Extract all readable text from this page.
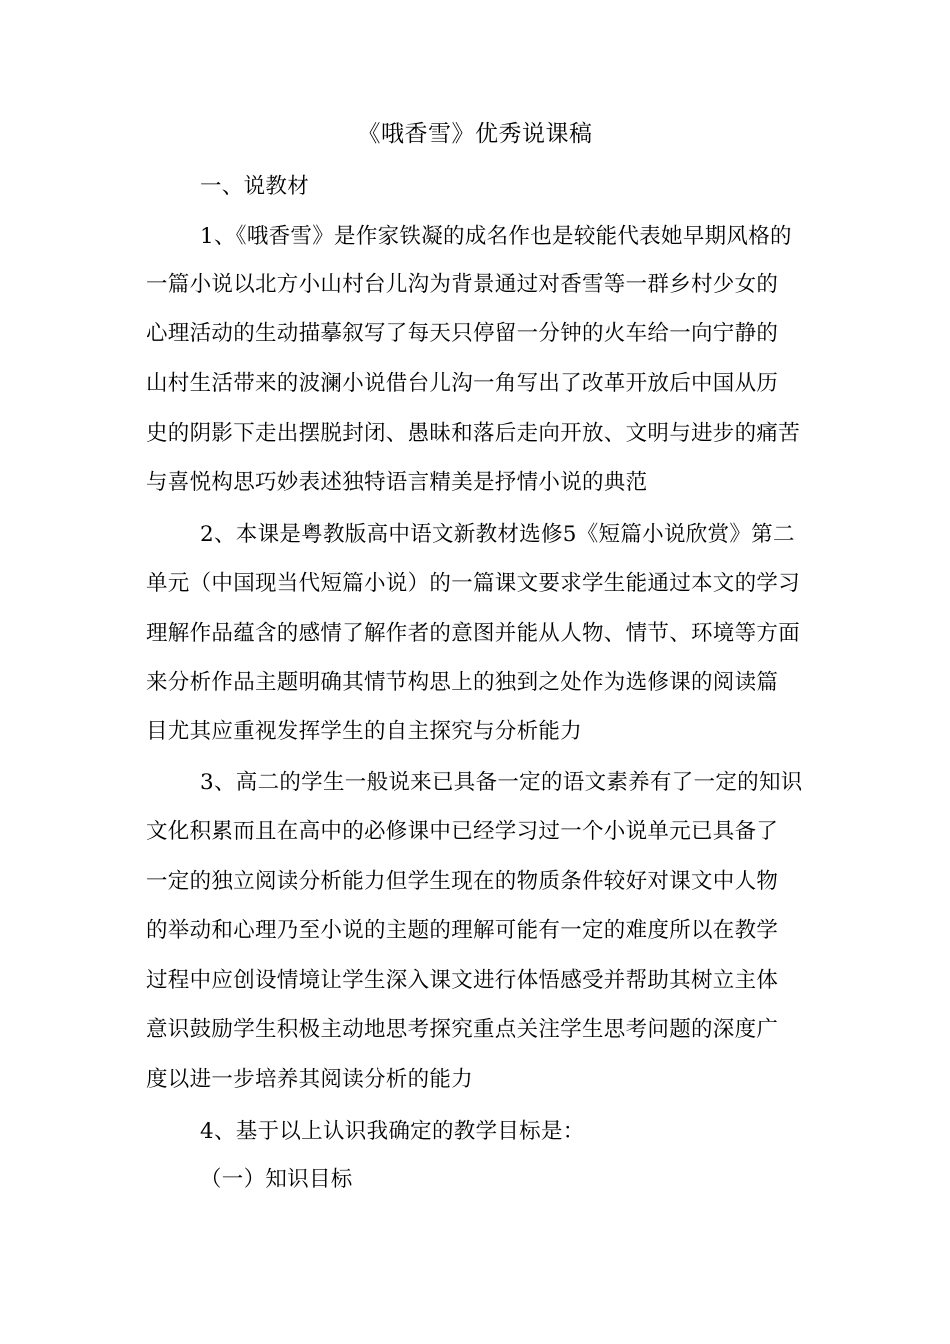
《哦香雪》优秀说课稿

一、说教材

1、《哦香雪》是作家铁凝的成名作也是较能代表她早期风格的

一篇小说以北方小山村台儿沟为背景通过对香雪等一群乡村少女的

心理活动的生动描摹叙写了每天只停留一分钟的火车给一向宁静的

山村生活带来的波澜小说借台儿沟一角写出了改革开放后中国从历

史的阴影下走出摆脱封闭、愚昧和落后走向开放、文明与进步的痛苦

与喜悦构思巧妙表述独特语言精美是抒情小说的典范

2、本课是粤教版高中语文新教材选修5《短篇小说欣赏》第二

单元（中国现当代短篇小说）的一篇课文要求学生能通过本文的学习

理解作品蕴含的感情了解作者的意图并能从人物、情节、环境等方面

来分析作品主题明确其情节构思上的独到之处作为选修课的阅读篇

目尤其应重视发挥学生的自主探究与分析能力

3、高二的学生一般说来已具备一定的语文素养有了一定的知识

文化积累而且在高中的必修课中已经学习过一个小说单元已具备了

一定的独立阅读分析能力但学生现在的物质条件较好对课文中人物

的举动和心理乃至小说的主题的理解可能有一定的难度所以在教学

过程中应创设情境让学生深入课文进行体悟感受并帮助其树立主体

意识鼓励学生积极主动地思考探究重点关注学生思考问题的深度广

度以进一步培养其阅读分析的能力

4、基于以上认识我确定的教学目标是：

（一）知识目标
